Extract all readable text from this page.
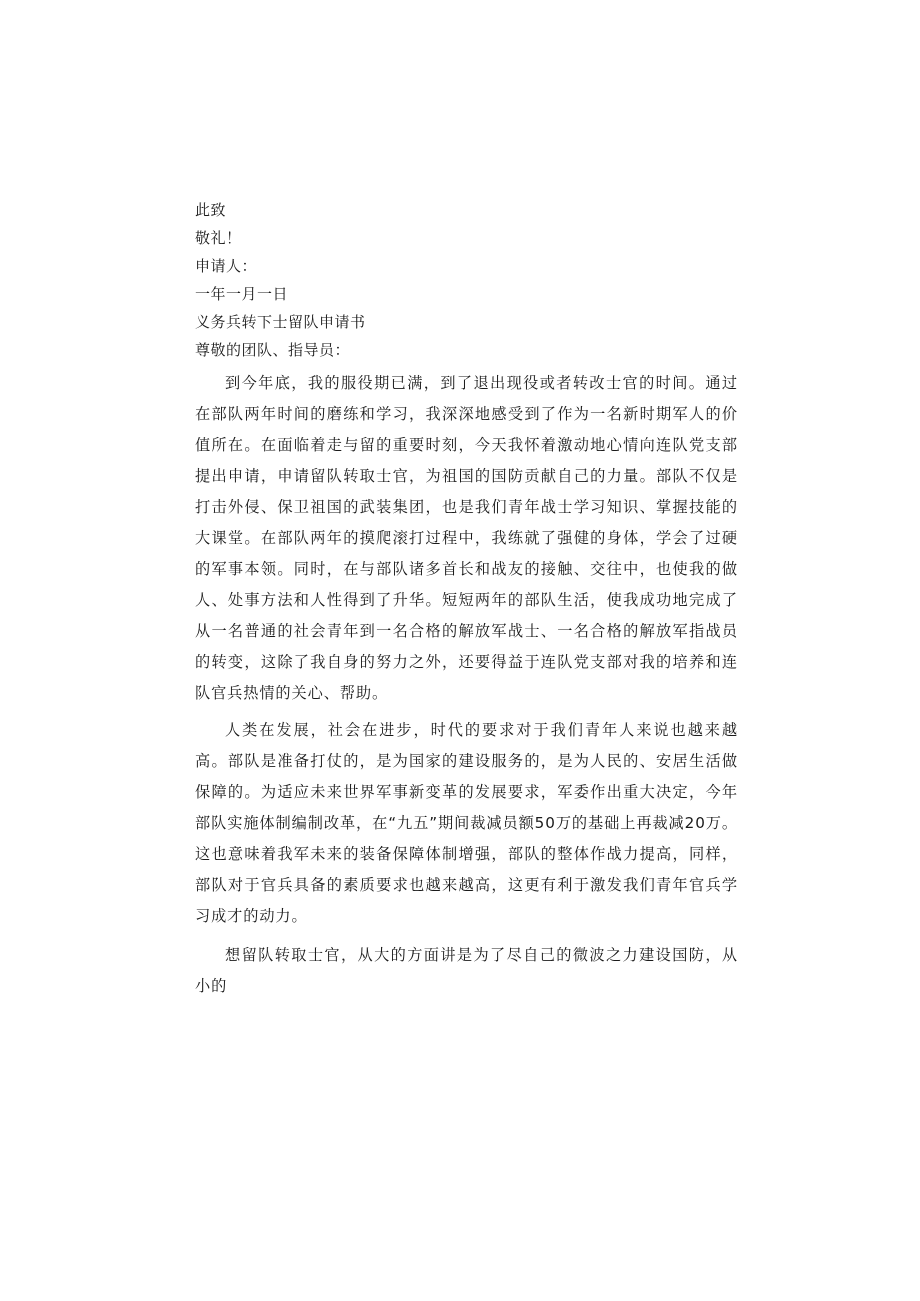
此致

敬礼！

申请人：

一年一月一日

义务兵转下士留队申请书

尊敬的团队、指导员：

到今年底，我的服役期已满，到了退出现役或者转改士官的时间。通过在部队两年时间的磨练和学习，我深深地感受到了作为一名新时期军人的价值所在。在面临着走与留的重要时刻，今天我怀着激动地心情向连队党支部提出申请，申请留队转取士官，为祖国的国防贡献自己的力量。部队不仅是打击外侵、保卫祖国的武装集团，也是我们青年战士学习知识、掌握技能的大课堂。在部队两年的摸爬滚打过程中，我练就了强健的身体，学会了过硬的军事本领。同时，在与部队诸多首长和战友的接触、交往中，也使我的做人、处事方法和人性得到了升华。短短两年的部队生活，使我成功地完成了从一名普通的社会青年到一名合格的解放军战士、一名合格的解放军指战员的转变，这除了我自身的努力之外，还要得益于连队党支部对我的培养和连队官兵热情的关心、帮助。

人类在发展，社会在进步，时代的要求对于我们青年人来说也越来越高。部队是准备打仗的，是为国家的建设服务的，是为人民的、安居生活做保障的。为适应未来世界军事新变革的发展要求，军委作出重大决定，今年部队实施体制编制改革，在“九五”期间裁减员额50万的基础上再裁减20万。这也意味着我军未来的装备保障体制增强，部队的整体作战力提高，同样，部队对于官兵具备的素质要求也越来越高，这更有利于激发我们青年官兵学习成才的动力。

想留队转取士官，从大的方面讲是为了尽自己的微波之力建设国防，从小的
